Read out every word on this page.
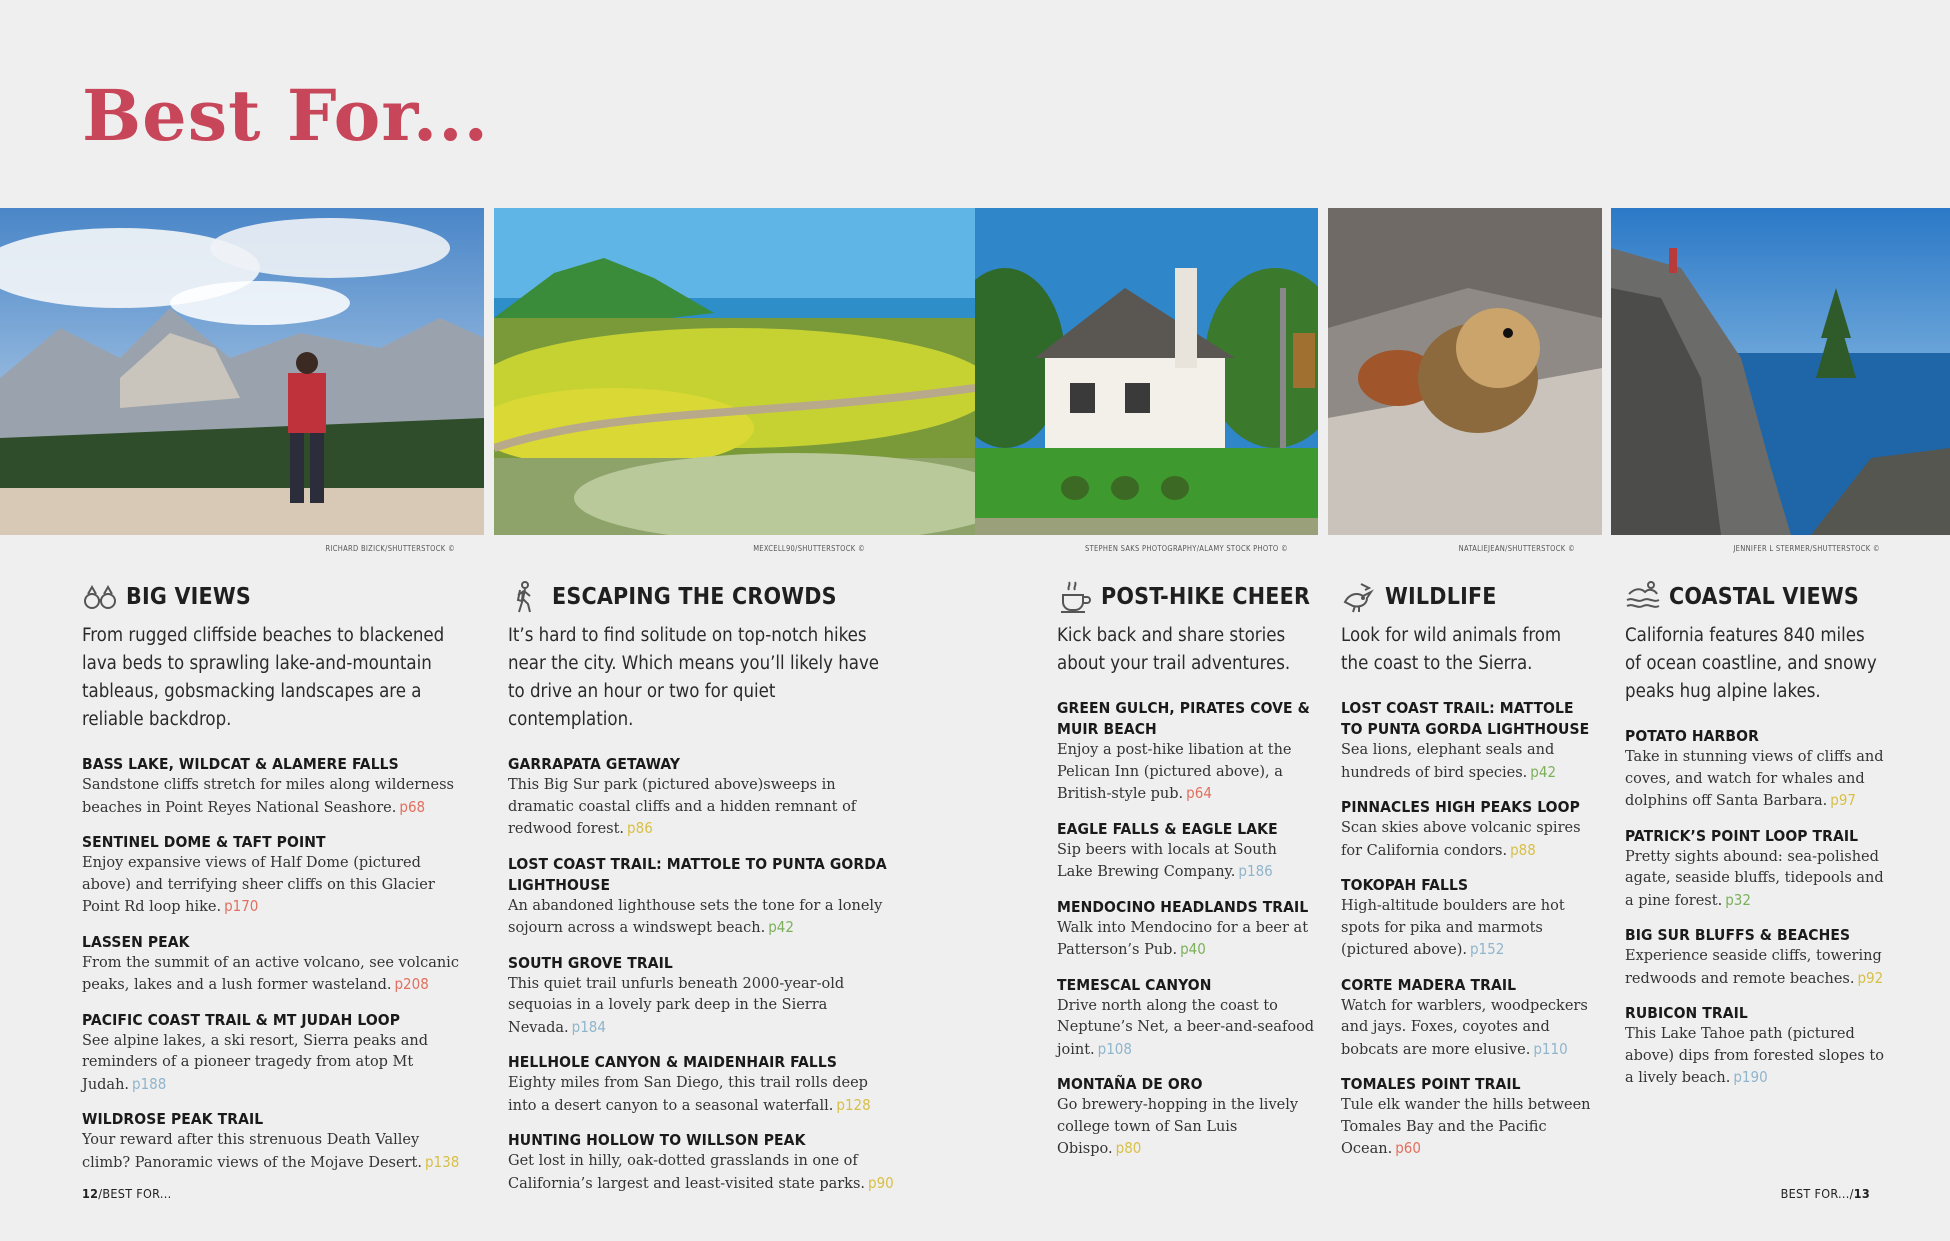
Best For...
RICHARD BIZICK/SHUTTERSTOCK ©	MEXCELL90/SHUTTERSTOCK ©	STEPHEN SAKS PHOTOGRAPHY/ALAMY STOCK PHOTO ©	NATALIEJEAN/SHUTTERSTOCK ©	JENNIFER L STERMER/SHUTTERSTOCK ©
BIG VIEWS

From rugged cliffside beaches to blackened lava beds to sprawling lake-and-mountain tableaus, gobsmacking landscapes are a reliable backdrop.

BASS LAKE, WILDCAT & ALAMERE FALLS
Sandstone cliffs stretch for miles along wilderness beaches in Point Reyes National Seashore. p68
SENTINEL DOME & TAFT POINT
Enjoy expansive views of Half Dome (pictured above) and terrifying sheer cliffs on this Glacier Point Rd loop hike. p170
LASSEN PEAK
From the summit of an active volcano, see volcanic peaks, lakes and a lush former wasteland. p208
PACIFIC COAST TRAIL & MT JUDAH LOOP
See alpine lakes, a ski resort, Sierra peaks and reminders of a pioneer tragedy from atop Mt Judah. p188
WILDROSE PEAK TRAIL
Your reward after this strenuous Death Valley climb? Panoramic views of the Mojave Desert. p138
ESCAPING THE CROWDS

It’s hard to find solitude on top-notch hikes near the city. Which means you’ll likely have to drive an hour or two for quiet contemplation.

GARRAPATA GETAWAY
This Big Sur park (pictured above)sweeps in dramatic coastal cliffs and a hidden remnant of redwood forest. p86
LOST COAST TRAIL: MATTOLE TO PUNTA GORDA LIGHTHOUSE
An abandoned lighthouse sets the tone for a lonely sojourn across a windswept beach. p42
SOUTH GROVE TRAIL
This quiet trail unfurls beneath 2000-year-old sequoias in a lovely park deep in the Sierra Nevada. p184
HELLHOLE CANYON & MAIDENHAIR FALLS
Eighty miles from San Diego, this trail rolls deep into a desert canyon to a seasonal waterfall. p128
HUNTING HOLLOW TO WILLSON PEAK
Get lost in hilly, oak-dotted grasslands in one of California’s largest and least-visited state parks. p90
POST-HIKE CHEER

Kick back and share stories about your trail adventures.

GREEN GULCH, PIRATES COVE & MUIR BEACH
Enjoy a post-hike libation at the Pelican Inn (pictured above), a British-style pub. p64
EAGLE FALLS & EAGLE LAKE
Sip beers with locals at South Lake Brewing Company. p186
MENDOCINO HEADLANDS TRAIL
Walk into Mendocino for a beer at Patterson’s Pub. p40
TEMESCAL CANYON
Drive north along the coast to Neptune’s Net, a beer-and-seafood joint. p108
MONTAÑA DE ORO
Go brewery-hopping in the lively college town of San Luis Obispo. p80
WILDLIFE

Look for wild animals from the coast to the Sierra.

LOST COAST TRAIL: MATTOLE TO PUNTA GORDA LIGHTHOUSE
Sea lions, elephant seals and hundreds of bird species. p42
PINNACLES HIGH PEAKS LOOP
Scan skies above volcanic spires for California condors. p88
TOKOPAH FALLS
High-altitude boulders are hot spots for pika and marmots (pictured above). p152
CORTE MADERA TRAIL
Watch for warblers, woodpeckers and jays. Foxes, coyotes and bobcats are more elusive. p110
TOMALES POINT TRAIL
Tule elk wander the hills between Tomales Bay and the Pacific Ocean. p60
COASTAL VIEWS

California features 840 miles of ocean coastline, and snowy peaks hug alpine lakes.

POTATO HARBOR
Take in stunning views of cliffs and coves, and watch for whales and dolphins off Santa Barbara. p97
PATRICK’S POINT LOOP TRAIL
Pretty sights abound: sea-polished agate, seaside bluffs, tidepools and a pine forest. p32
BIG SUR BLUFFS & BEACHES
Experience seaside cliffs, towering redwoods and remote beaches. p92
RUBICON TRAIL
This Lake Tahoe path (pictured above) dips from forested slopes to a lively beach. p190
12/BEST FOR...	BEST FOR.../13
